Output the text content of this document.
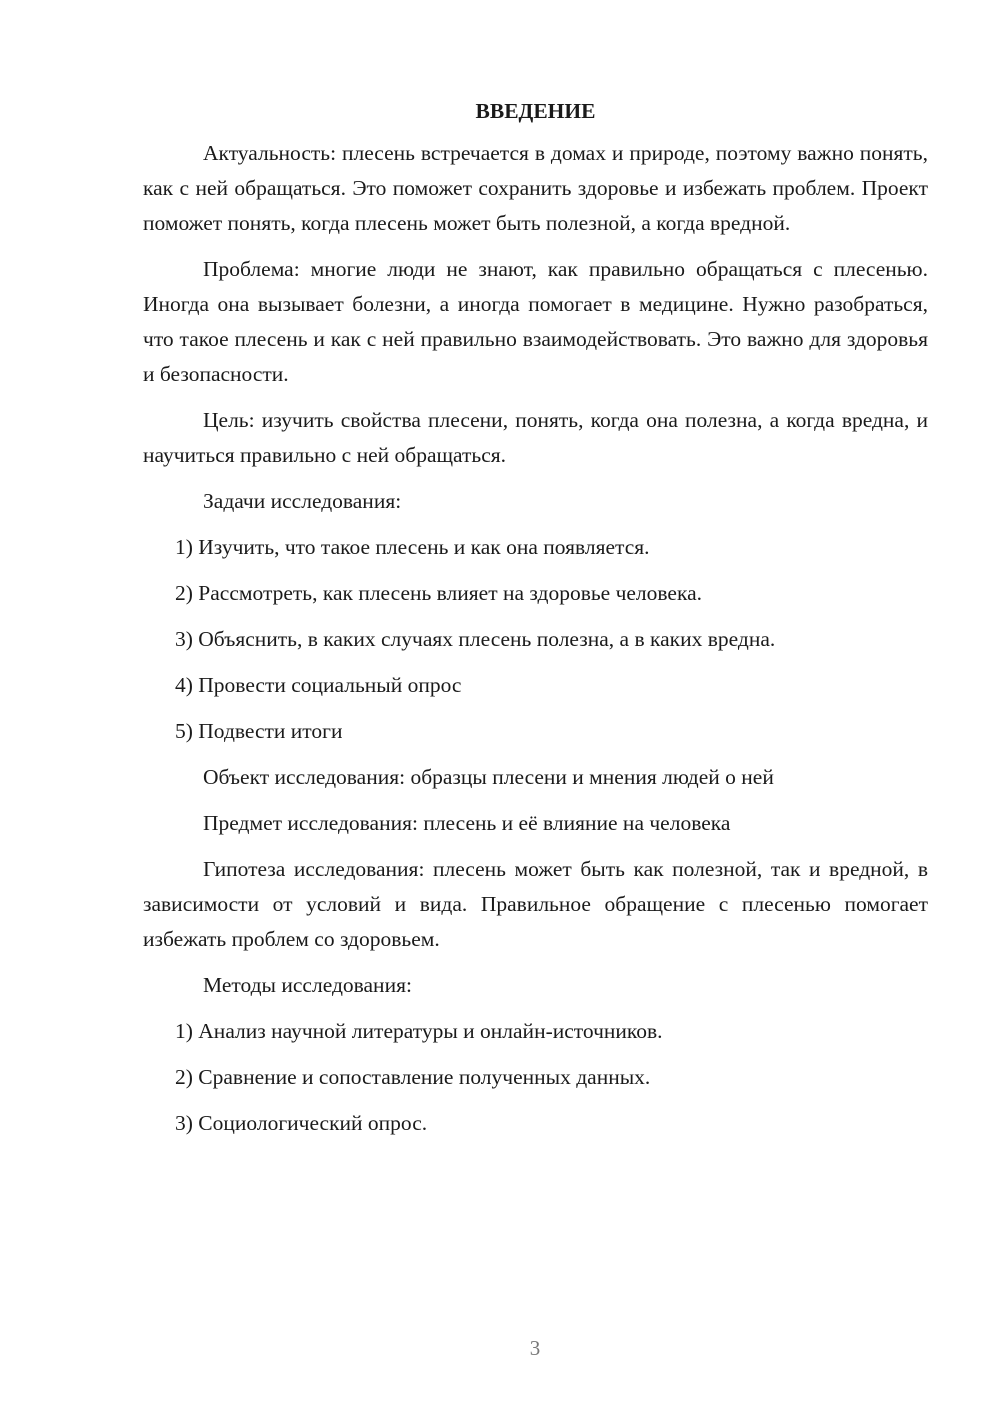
ВВЕДЕНИЕ

Актуальность: плесень встречается в домах и природе, поэтому важно понять, как с ней обращаться. Это поможет сохранить здоровье и избежать проблем. Проект поможет понять, когда плесень может быть полезной, а когда вредной.

Проблема: многие люди не знают, как правильно обращаться с плесенью. Иногда она вызывает болезни, а иногда помогает в медицине. Нужно разобраться, что такое плесень и как с ней правильно взаимодействовать. Это важно для здоровья и безопасности.

Цель: изучить свойства плесени, понять, когда она полезна, а когда вредна, и научиться правильно с ней обращаться.

Задачи исследования:

1) Изучить, что такое плесень и как она появляется.

2) Рассмотреть, как плесень влияет на здоровье человека.

3) Объяснить, в каких случаях плесень полезна, а в каких вредна.

4) Провести социальный опрос

5) Подвести итоги

Объект исследования: образцы плесени и мнения людей о ней

Предмет исследования: плесень и её влияние на человека

Гипотеза исследования: плесень может быть как полезной, так и вредной, в зависимости от условий и вида. Правильное обращение с плесенью помогает избежать проблем со здоровьем.

Методы исследования:

1) Анализ научной литературы и онлайн-источников.

2) Сравнение и сопоставление полученных данных.

3) Социологический опрос.

3
